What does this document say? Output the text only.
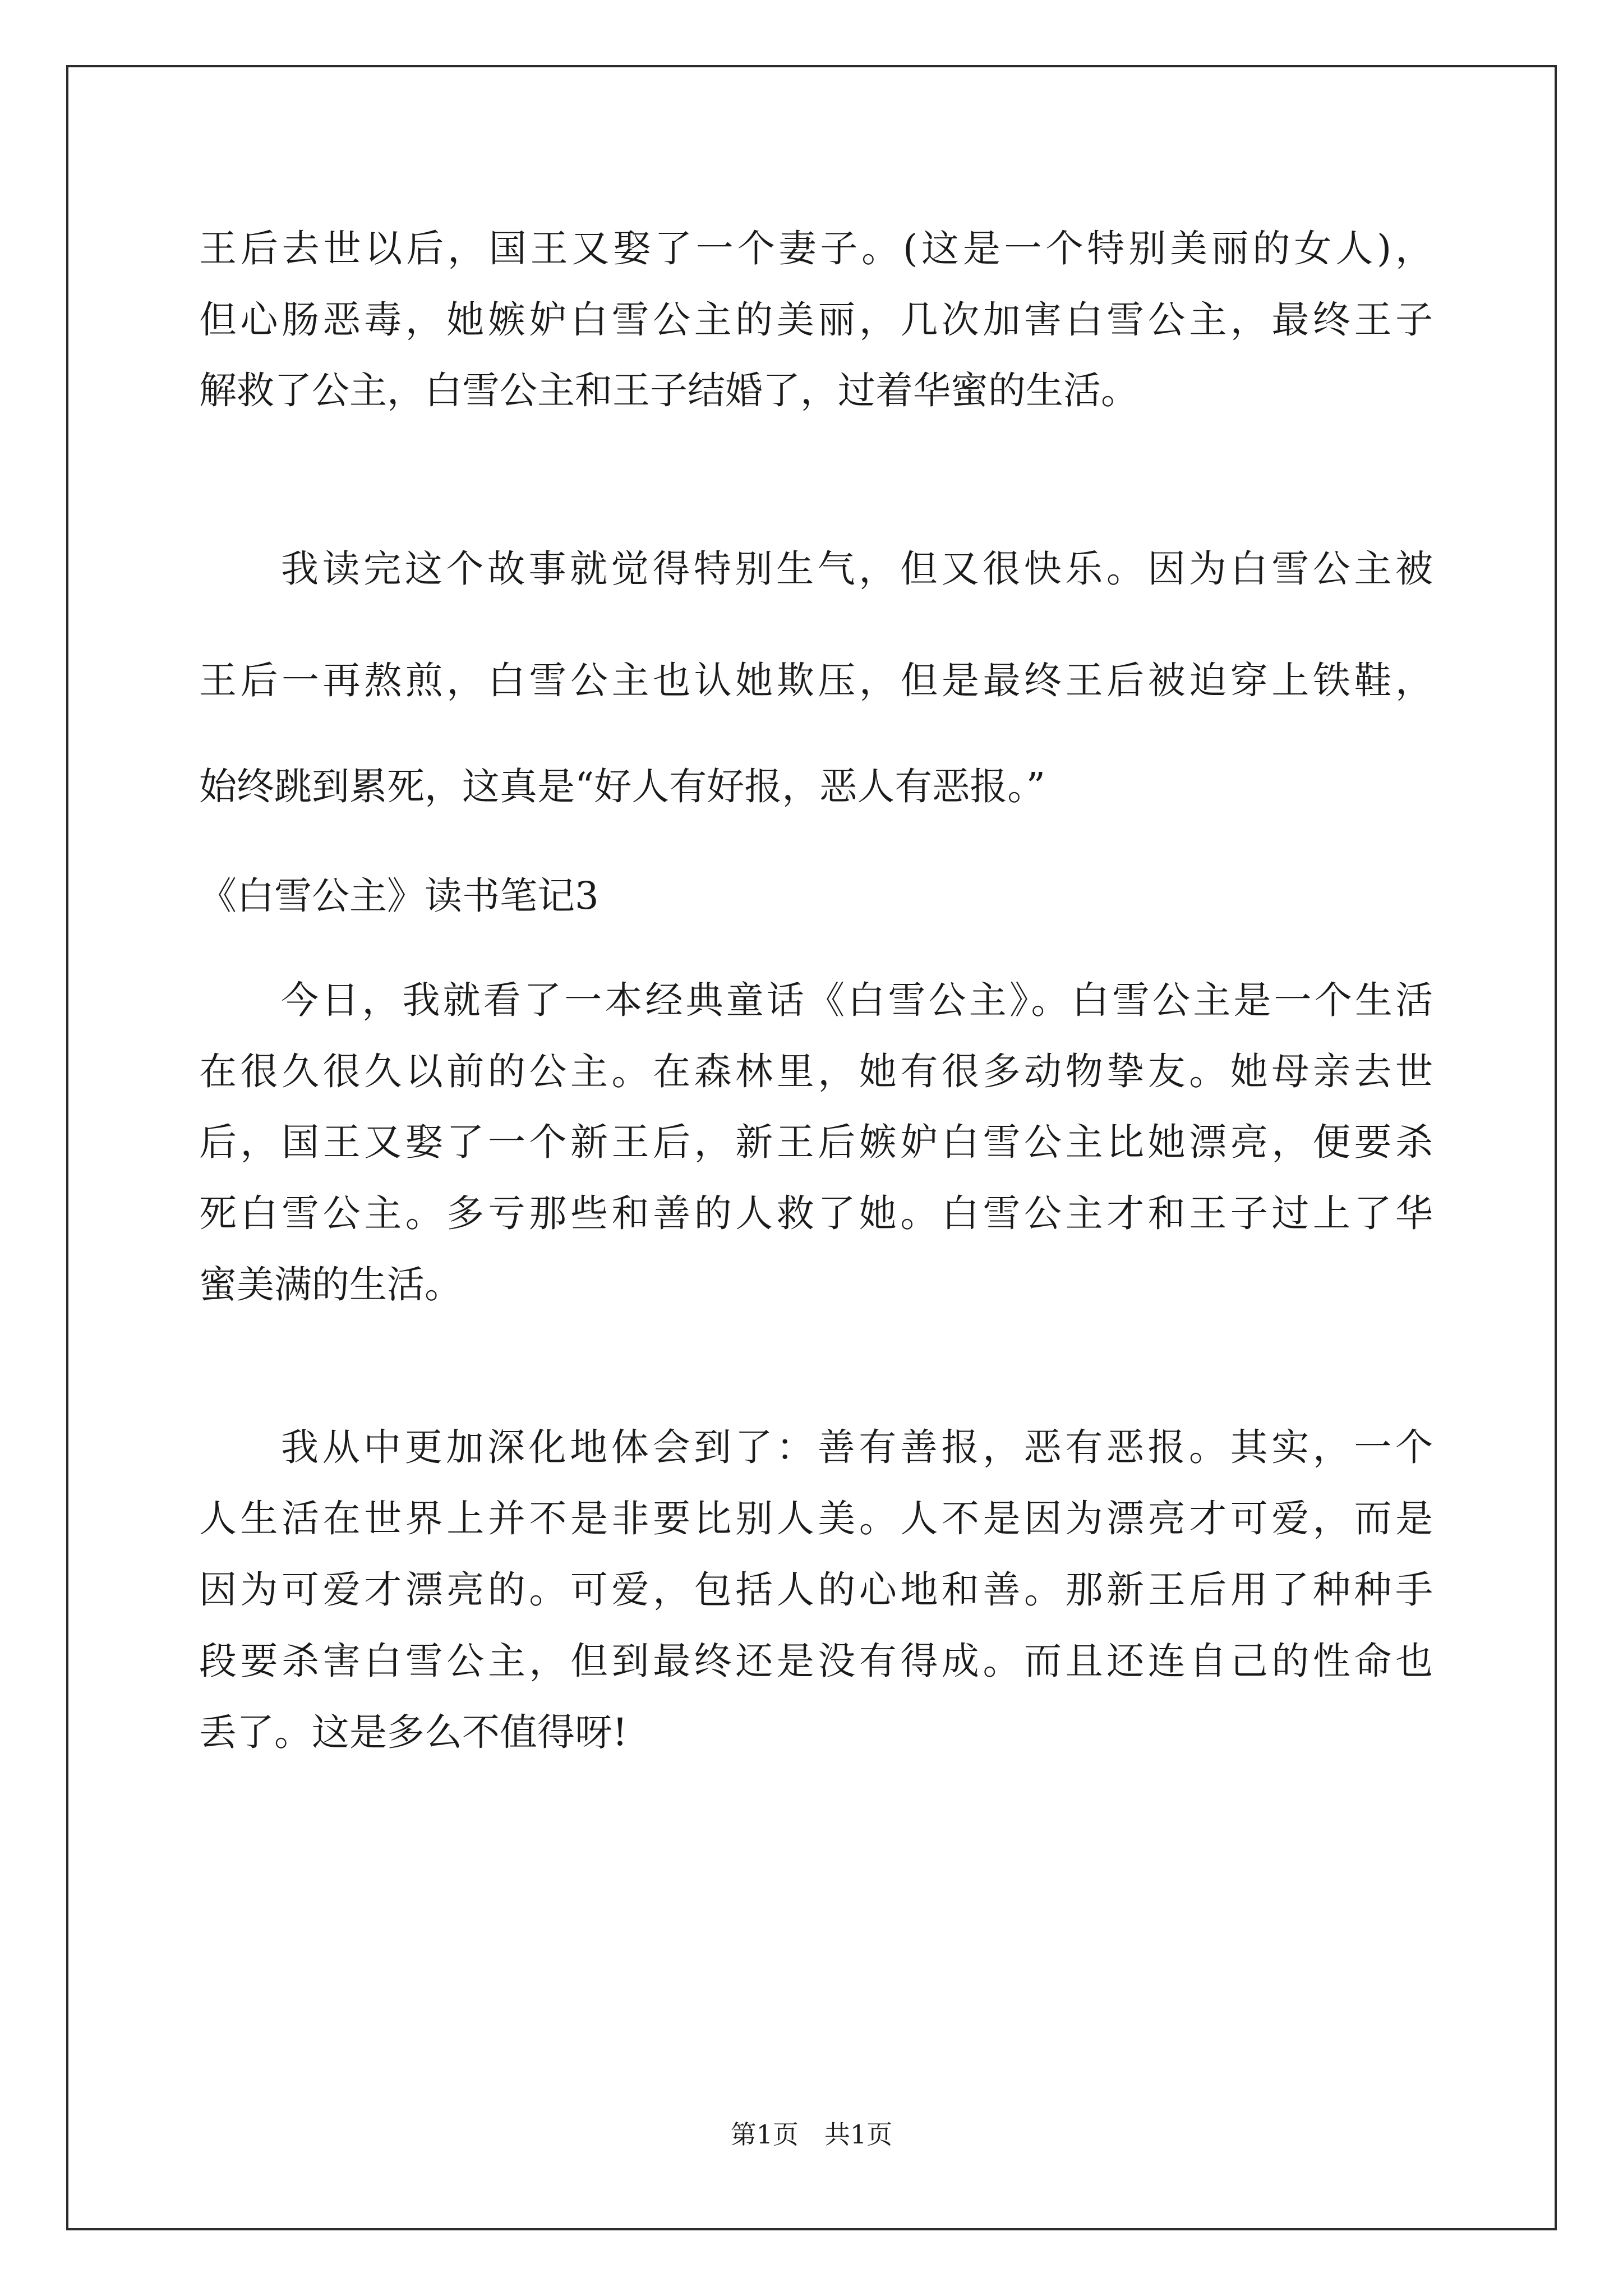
王后去世以后，国王又娶了一个妻子。(这是一个特别美丽的女人)，
但心肠恶毒，她嫉妒白雪公主的美丽，几次加害白雪公主，最终王子
解救了公主，白雪公主和王子结婚了，过着华蜜的生活。
我读完这个故事就觉得特别生气，但又很快乐。因为白雪公主被
王后一再熬煎，白雪公主也认她欺压，但是最终王后被迫穿上铁鞋，
始终跳到累死，这真是“好人有好报，恶人有恶报。”
《白雪公主》读书笔记3
今日，我就看了一本经典童话《白雪公主》。白雪公主是一个生活
在很久很久以前的公主。在森林里，她有很多动物挚友。她母亲去世
后，国王又娶了一个新王后，新王后嫉妒白雪公主比她漂亮，便要杀
死白雪公主。多亏那些和善的人救了她。白雪公主才和王子过上了华
蜜美满的生活。
我从中更加深化地体会到了：善有善报，恶有恶报。其实，一个
人生活在世界上并不是非要比别人美。人不是因为漂亮才可爱，而是
因为可爱才漂亮的。可爱，包括人的心地和善。那新王后用了种种手
段要杀害白雪公主，但到最终还是没有得成。而且还连自己的性命也
丢了。这是多么不值得呀!
第1页 共1页
